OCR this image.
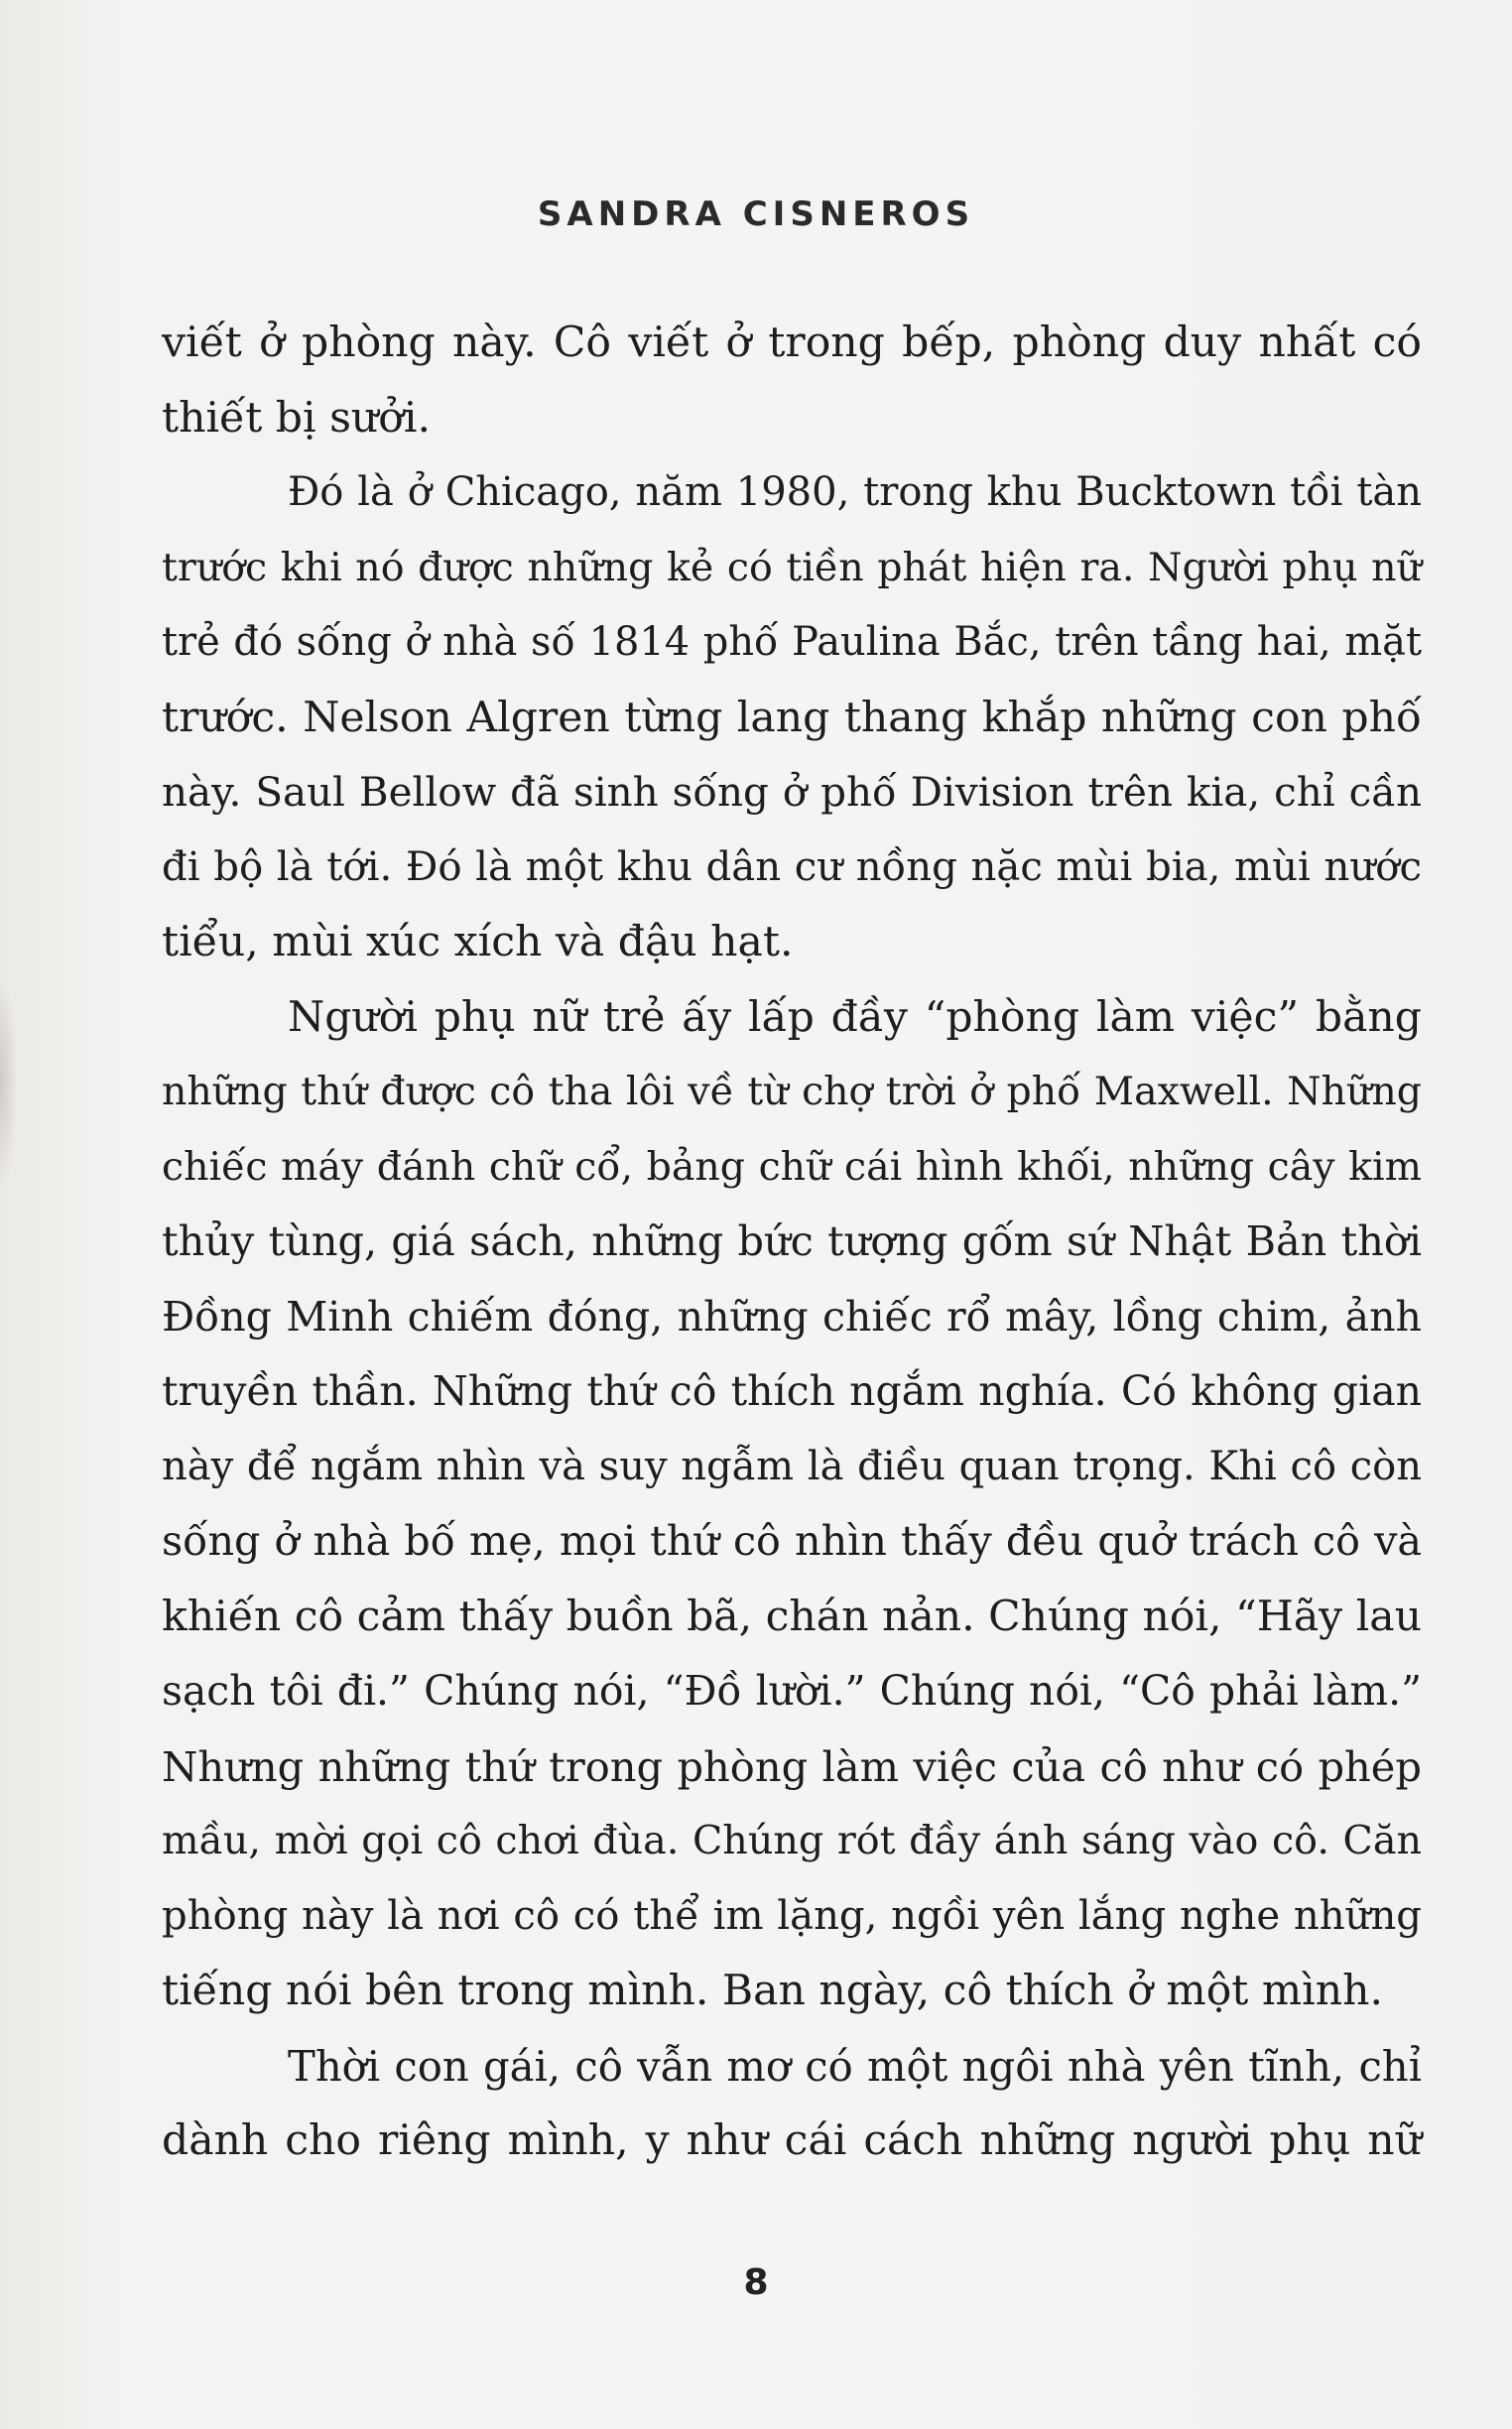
SANDRA CISNEROS
viết ở phòng này. Cô viết ở trong bếp, phòng duy nhất có
thiết bị sưởi.
Đó là ở Chicago, năm 1980, trong khu Bucktown tồi tàn
trước khi nó được những kẻ có tiền phát hiện ra. Người phụ nữ
trẻ đó sống ở nhà số 1814 phố Paulina Bắc, trên tầng hai, mặt
trước. Nelson Algren từng lang thang khắp những con phố
này. Saul Bellow đã sinh sống ở phố Division trên kia, chỉ cần
đi bộ là tới. Đó là một khu dân cư nồng nặc mùi bia, mùi nước
tiểu, mùi xúc xích và đậu hạt.
Người phụ nữ trẻ ấy lấp đầy “phòng làm việc” bằng
những thứ được cô tha lôi về từ chợ trời ở phố Maxwell. Những
chiếc máy đánh chữ cổ, bảng chữ cái hình khối, những cây kim
thủy tùng, giá sách, những bức tượng gốm sứ Nhật Bản thời
Đồng Minh chiếm đóng, những chiếc rổ mây, lồng chim, ảnh
truyền thần. Những thứ cô thích ngắm nghía. Có không gian
này để ngắm nhìn và suy ngẫm là điều quan trọng. Khi cô còn
sống ở nhà bố mẹ, mọi thứ cô nhìn thấy đều quở trách cô và
khiến cô cảm thấy buồn bã, chán nản. Chúng nói, “Hãy lau
sạch tôi đi.” Chúng nói, “Đồ lười.” Chúng nói, “Cô phải làm.”
Nhưng những thứ trong phòng làm việc của cô như có phép
mầu, mời gọi cô chơi đùa. Chúng rót đầy ánh sáng vào cô. Căn
phòng này là nơi cô có thể im lặng, ngồi yên lắng nghe những
tiếng nói bên trong mình. Ban ngày, cô thích ở một mình.
Thời con gái, cô vẫn mơ có một ngôi nhà yên tĩnh, chỉ
dành cho riêng mình, y như cái cách những người phụ nữ
8
